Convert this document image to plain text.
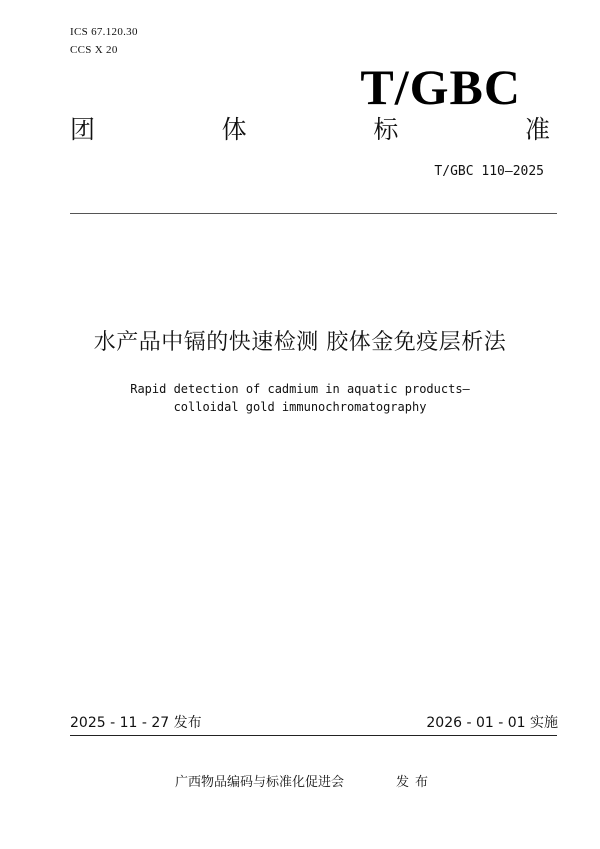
ICS 67.120.30
CCS X 20
T/GBC
团	体	标	准
T/GBC 110—2025
水产品中镉的快速检测 胶体金免疫层析法
Rapid detection of cadmium in aquatic products—
colloidal gold immunochromatography
2025 - 11 - 27 发布	2026 - 01 - 01 实施
广西物品编码与标准化促进会	发布
